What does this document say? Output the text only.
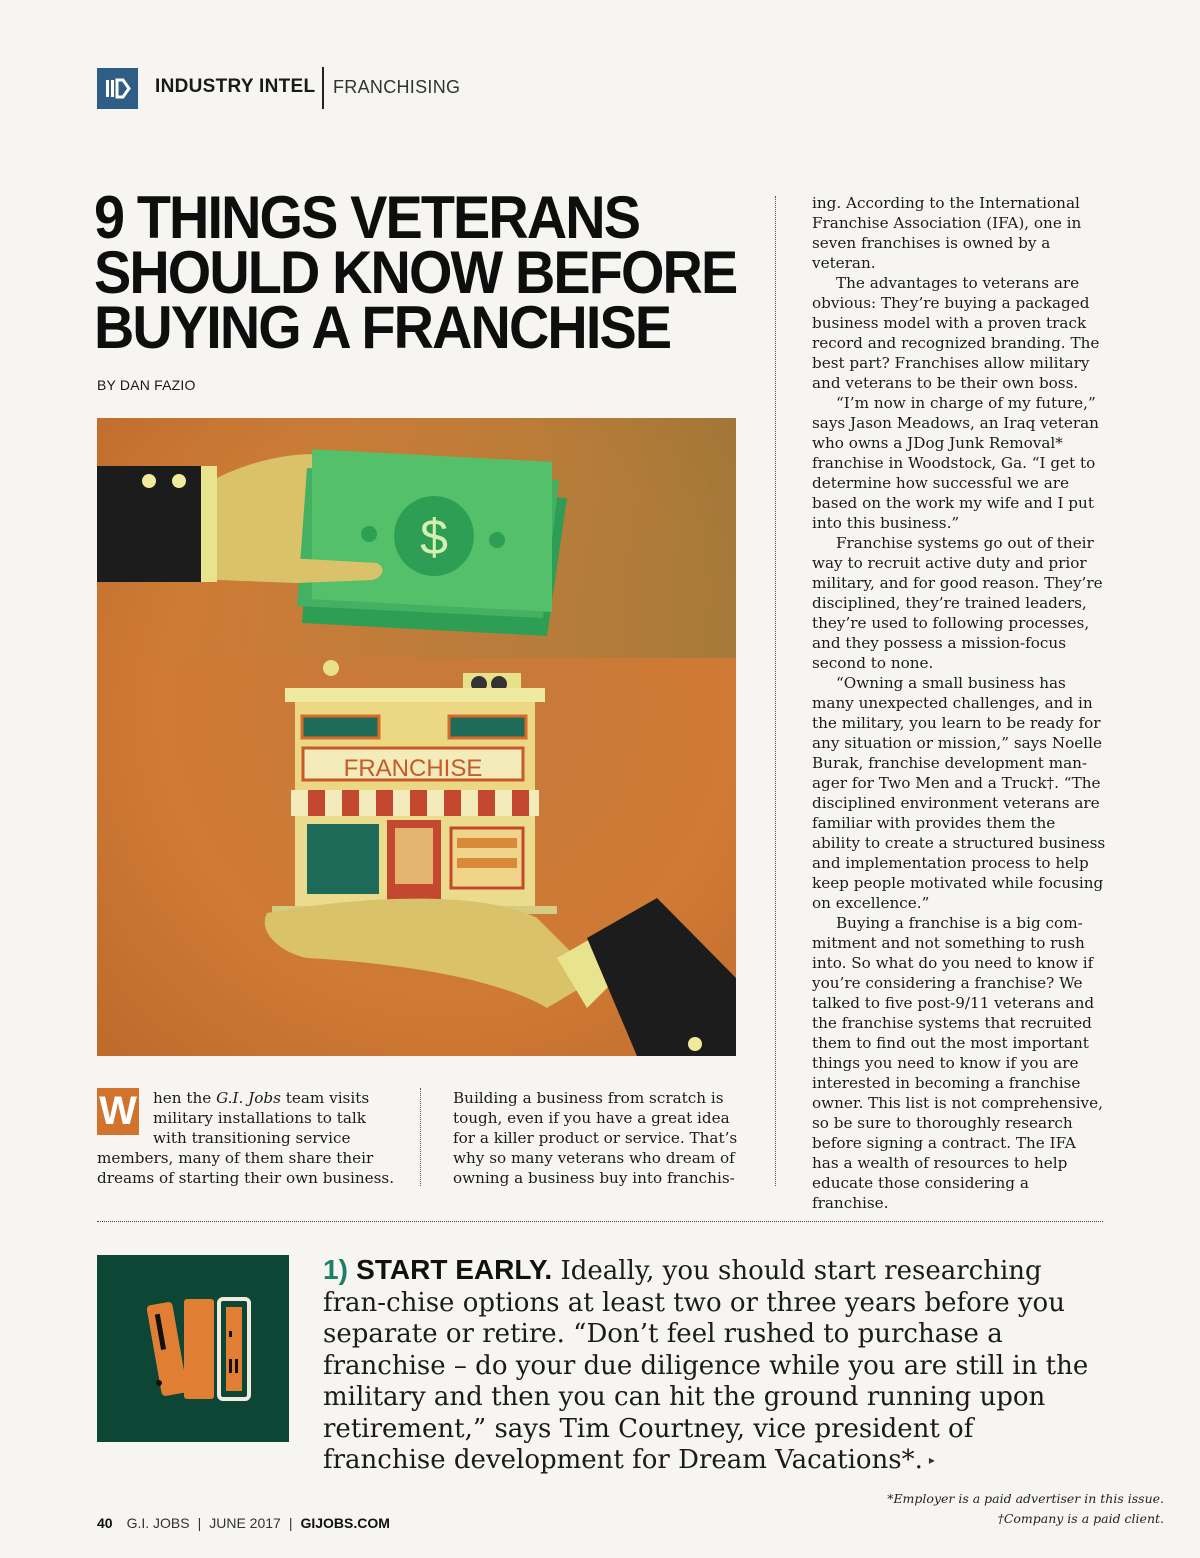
INDUSTRY INTEL FRANCHISING
9 THINGS VETERANS
SHOULD KNOW BEFORE
BUYING A FRANCHISE
BY DAN FAZIO
$
FRANCHISE
W hen the G.I. Jobs team visits military installations to talk with transitioning service members, many of them share their dreams of starting their own business.
Building a business from scratch is tough, even if you have a great idea for a killer product or service. That’s why so many veterans who dream of owning a business buy into franchis-

ing. According to the International Franchise Association (IFA), one in seven franchises is owned by a veteran.

The advantages to veterans are obvious: They’re buying a packaged business model with a proven track record and recognized branding. The best part? Franchises allow military and veterans to be their own boss.

“I’m now in charge of my future,” says Jason Meadows, an Iraq veteran who owns a JDog Junk Removal* franchise in Woodstock, Ga. “I get to determine how successful we are based on the work my wife and I put into this business.”

Franchise systems go out of their way to recruit active duty and prior military, and for good reason. They’re disciplined, they’re trained leaders, they’re used to following processes, and they possess a mission-focus second to none.

“Owning a small business has many unexpected challenges, and in the military, you learn to be ready for any situation or mission,” says Noelle Burak, franchise development man-ager for Two Men and a Truck†. “The disciplined environment veterans are familiar with provides them the ability to create a structured business and implementation process to help keep people motivated while focusing on excellence.”

Buying a franchise is a big com-mitment and not something to rush into. So what do you need to know if you’re considering a franchise? We talked to five post-9/11 veterans and the franchise systems that recruited them to find out the most important things you need to know if you are interested in becoming a franchise owner. This list is not comprehensive, so be sure to thoroughly research before signing a contract. The IFA has a wealth of resources to help educate those considering a franchise.

1) START EARLY. Ideally, you should start researching fran-chise options at least two or three years before you separate or retire. “Don’t feel rushed to purchase a franchise – do your due diligence while you are still in the military and then you can hit the ground running upon retirement,” says Tim Courtney, vice president of franchise development for Dream Vacations*. ▸
40 G.I. JOBS | JUNE 2017 | GIJOBS.COM
*Employer is a paid advertiser in this issue.
†Company is a paid client.
